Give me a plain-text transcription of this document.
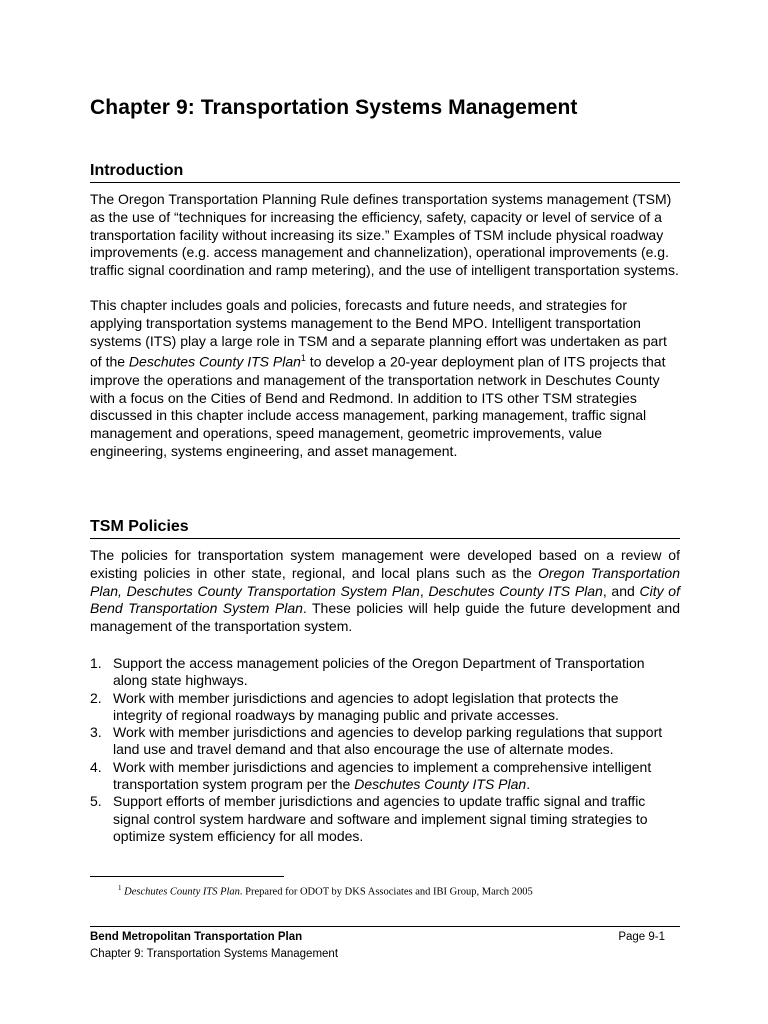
Chapter 9: Transportation Systems Management
Introduction

The Oregon Transportation Planning Rule defines transportation systems management (TSM) as the use of “techniques for increasing the efficiency, safety, capacity or level of service of a transportation facility without increasing its size.” Examples of TSM include physical roadway improvements (e.g. access management and channelization), operational improvements (e.g. traffic signal coordination and ramp metering), and the use of intelligent transportation systems.

This chapter includes goals and policies, forecasts and future needs, and strategies for applying transportation systems management to the Bend MPO. Intelligent transportation systems (ITS) play a large role in TSM and a separate planning effort was undertaken as part of the Deschutes County ITS Plan$^1$ to develop a 20-year deployment plan of ITS projects that improve the operations and management of the transportation network in Deschutes County with a focus on the Cities of Bend and Redmond. In addition to ITS other TSM strategies discussed in this chapter include access management, parking management, traffic signal management and operations, speed management, geometric improvements, value engineering, systems engineering, and asset management.

TSM Policies

The policies for transportation system management were developed based on a review of existing policies in other state, regional, and local plans such as the Oregon Transportation Plan, Deschutes County Transportation System Plan, Deschutes County ITS Plan, and City of Bend Transportation System Plan. These policies will help guide the future development and management of the transportation system.

1. Support the access management policies of the Oregon Department of Transportation along state highways.
2. Work with member jurisdictions and agencies to adopt legislation that protects the integrity of regional roadways by managing public and private accesses.
3. Work with member jurisdictions and agencies to develop parking regulations that support land use and travel demand and that also encourage the use of alternate modes.
4. Work with member jurisdictions and agencies to implement a comprehensive intelligent transportation system program per the Deschutes County ITS Plan.
5. Support efforts of member jurisdictions and agencies to update traffic signal and traffic signal control system hardware and software and implement signal timing strategies to optimize system efficiency for all modes.

$^1$ Deschutes County ITS Plan. Prepared for ODOT by DKS Associates and IBI Group, March 2005

Bend Metropolitan Transportation Plan	Page 9-1

Chapter 9: Transportation Systems Management
